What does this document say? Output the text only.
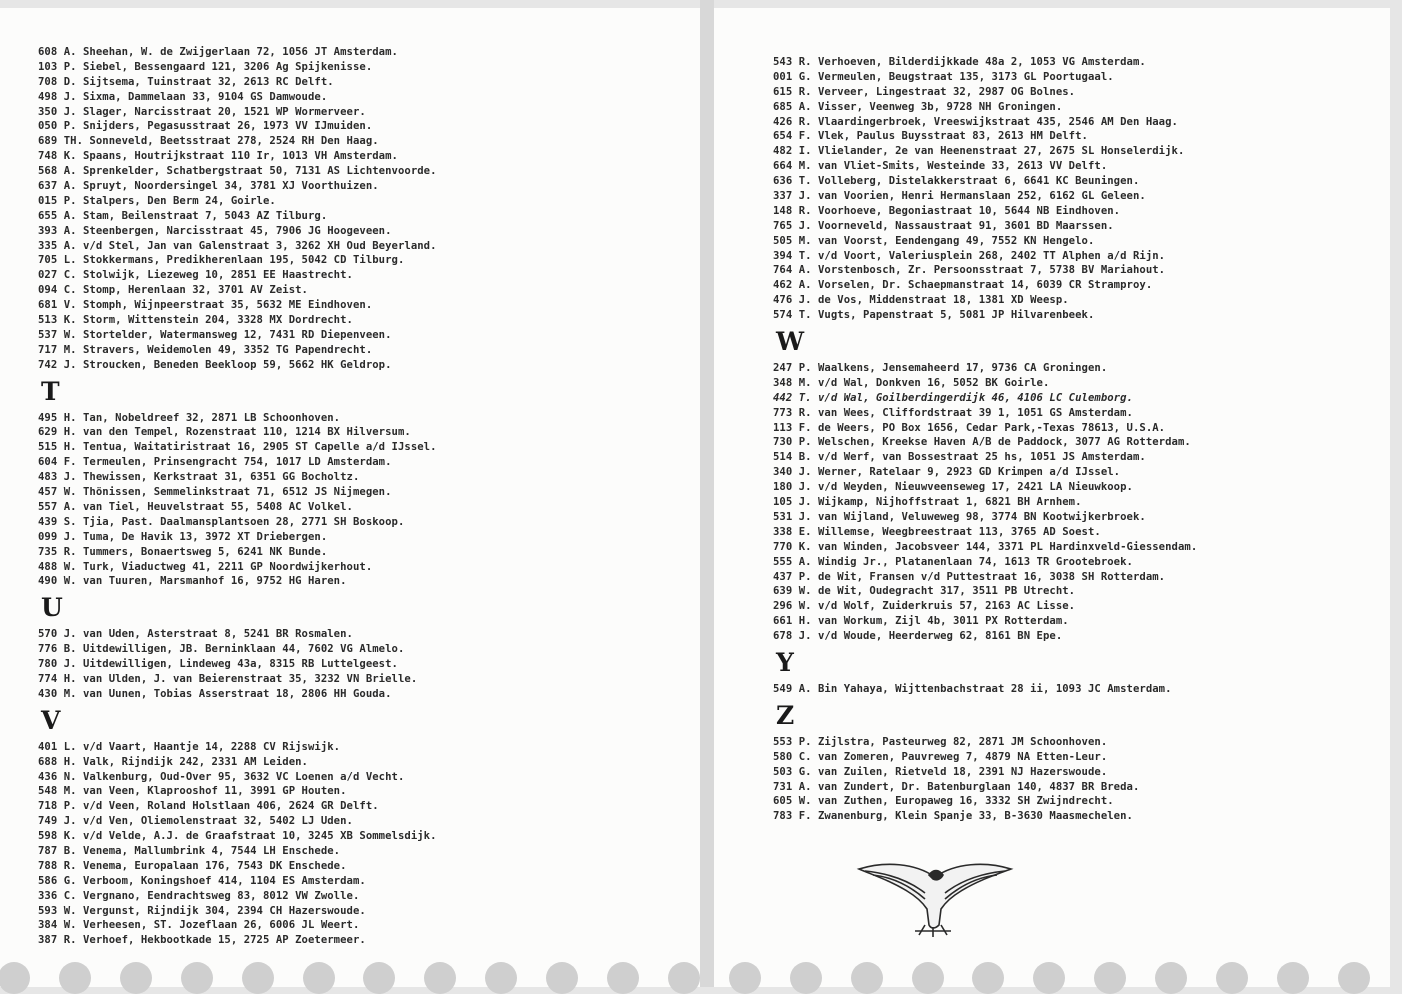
608 A. Sheehan, W. de Zwijgerlaan 72, 1056 JT Amsterdam.
103 P. Siebel, Bessengaard 121, 3206 Ag Spijkenisse.
708 D. Sijtsema, Tuinstraat 32, 2613 RC Delft.
498 J. Sixma, Dammelaan 33, 9104 GS Damwoude.
350 J. Slager, Narcisstraat 20, 1521 WP Wormerveer.
050 P. Snijders, Pegasusstraat 26, 1973 VV IJmuiden.
689 TH. Sonneveld, Beetsstraat 278, 2524 RH Den Haag.
748 K. Spaans, Houtrijkstraat 110 Ir, 1013 VH Amsterdam.
568 A. Sprenkelder, Schatbergstraat 50, 7131 AS Lichtenvoorde.
637 A. Spruyt, Noordersingel 34, 3781 XJ Voorthuizen.
015 P. Stalpers, Den Berm 24, Goirle.
655 A. Stam, Beilenstraat 7, 5043 AZ Tilburg.
393 A. Steenbergen, Narcisstraat 45, 7906 JG Hoogeveen.
335 A. v/d Stel, Jan van Galenstraat 3, 3262 XH Oud Beyerland.
705 L. Stokkermans, Predikherenlaan 195, 5042 CD Tilburg.
027 C. Stolwijk, Liezeweg 10, 2851 EE Haastrecht.
094 C. Stomp, Herenlaan 32, 3701 AV Zeist.
681 V. Stomph, Wijnpeerstraat 35, 5632 ME Eindhoven.
513 K. Storm, Wittenstein 204, 3328 MX Dordrecht.
537 W. Stortelder, Watermansweg 12, 7431 RD Diepenveen.
717 M. Stravers, Weidemolen 49, 3352 TG Papendrecht.
742 J. Stroucken, Beneden Beekloop 59, 5662 HK Geldrop.
T
495 H. Tan, Nobeldreef 32, 2871 LB Schoonhoven.
629 H. van den Tempel, Rozenstraat 110, 1214 BX Hilversum.
515 H. Tentua, Waitatiristraat 16, 2905 ST Capelle a/d IJssel.
604 F. Termeulen, Prinsengracht 754, 1017 LD Amsterdam.
483 J. Thewissen, Kerkstraat 31, 6351 GG Bocholtz.
457 W. Thönissen, Semmelinkstraat 71, 6512 JS Nijmegen.
557 A. van Tiel, Heuvelstraat 55, 5408 AC Volkel.
439 S. Tjia, Past. Daalmansplantsoen 28, 2771 SH Boskoop.
099 J. Tuma, De Havik 13, 3972 XT Driebergen.
735 R. Tummers, Bonaertsweg 5, 6241 NK Bunde.
488 W. Turk, Viaductweg 41, 2211 GP Noordwijkerhout.
490 W. van Tuuren, Marsmanhof 16, 9752 HG Haren.
U
570 J. van Uden, Asterstraat 8, 5241 BR Rosmalen.
776 B. Uitdewilligen, JB. Berninklaan 44, 7602 VG Almelo.
780 J. Uitdewilligen, Lindeweg 43a, 8315 RB Luttelgeest.
774 H. van Ulden, J. van Beierenstraat 35, 3232 VN Brielle.
430 M. van Uunen, Tobias Asserstraat 18, 2806 HH Gouda.
V
401 L. v/d Vaart, Haantje 14, 2288 CV Rijswijk.
688 H. Valk, Rijndijk 242, 2331 AM Leiden.
436 N. Valkenburg, Oud-Over 95, 3632 VC Loenen a/d Vecht.
548 M. van Veen, Klaprooshof 11, 3991 GP Houten.
718 P. v/d Veen, Roland Holstlaan 406, 2624 GR Delft.
749 J. v/d Ven, Oliemolenstraat 32, 5402 LJ Uden.
598 K. v/d Velde, A.J. de Graafstraat 10, 3245 XB Sommelsdijk.
787 B. Venema, Mallumbrink 4, 7544 LH Enschede.
788 R. Venema, Europalaan 176, 7543 DK Enschede.
586 G. Verboom, Koningshoef 414, 1104 ES Amsterdam.
336 C. Vergnano, Eendrachtsweg 83, 8012 VW Zwolle.
593 W. Vergunst, Rijndijk 304, 2394 CH Hazerswoude.
384 W. Verheesen, ST. Jozeflaan 26, 6006 JL Weert.
387 R. Verhoef, Hekbootkade 15, 2725 AP Zoetermeer.
543 R. Verhoeven, Bilderdijkkade 48a 2, 1053 VG Amsterdam.
001 G. Vermeulen, Beugstraat 135, 3173 GL Poortugaal.
615 R. Verveer, Lingestraat 32, 2987 OG Bolnes.
685 A. Visser, Veenweg 3b, 9728 NH Groningen.
426 R. Vlaardingerbroek, Vreeswijkstraat 435, 2546 AM Den Haag.
654 F. Vlek, Paulus Buysstraat 83, 2613 HM Delft.
482 I. Vlielander, 2e van Heenenstraat 27, 2675 SL Honselerdijk.
664 M. van Vliet-Smits, Westeinde 33, 2613 VV Delft.
636 T. Volleberg, Distelakkerstraat 6, 6641 KC Beuningen.
337 J. van Voorien, Henri Hermanslaan 252, 6162 GL Geleen.
148 R. Voorhoeve, Begoniastraat 10, 5644 NB Eindhoven.
765 J. Voorneveld, Nassaustraat 91, 3601 BD Maarssen.
505 M. van Voorst, Eendengang 49, 7552 KN Hengelo.
394 T. v/d Voort, Valeriusplein 268, 2402 TT Alphen a/d Rijn.
764 A. Vorstenbosch, Zr. Persoonsstraat 7, 5738 BV Mariahout.
462 A. Vorselen, Dr. Schaepmanstraat 14, 6039 CR Stramproy.
476 J. de Vos, Middenstraat 18, 1381 XD Weesp.
574 T. Vugts, Papenstraat 5, 5081 JP Hilvarenbeek.
W
247 P. Waalkens, Jensemaheerd 17, 9736 CA Groningen.
348 M. v/d Wal, Donkven 16, 5052 BK Goirle.
442 T. v/d Wal, Goilberdingerdijk 46, 4106 LC Culemborg.
773 R. van Wees, Cliffordstraat 39 1, 1051 GS Amsterdam.
113 F. de Weers, PO Box 1656, Cedar Park,-Texas 78613, U.S.A.
730 P. Welschen, Kreekse Haven A/B de Paddock, 3077 AG Rotterdam.
514 B. v/d Werf, van Bossestraat 25 hs, 1051 JS Amsterdam.
340 J. Werner, Ratelaar 9, 2923 GD Krimpen a/d IJssel.
180 J. v/d Weyden, Nieuwveenseweg 17, 2421 LA Nieuwkoop.
105 J. Wijkamp, Nijhoffstraat 1, 6821 BH Arnhem.
531 J. van Wijland, Veluweweg 98, 3774 BN Kootwijkerbroek.
338 E. Willemse, Weegbreestraat 113, 3765 AD Soest.
770 K. van Winden, Jacobsveer 144, 3371 PL Hardinxveld-Giessendam.
555 A. Windig Jr., Platanenlaan 74, 1613 TR Grootebroek.
437 P. de Wit, Fransen v/d Puttestraat 16, 3038 SH Rotterdam.
639 W. de Wit, Oudegracht 317, 3511 PB Utrecht.
296 W. v/d Wolf, Zuiderkruis 57, 2163 AC Lisse.
661 H. van Workum, Zijl 4b, 3011 PX Rotterdam.
678 J. v/d Woude, Heerderweg 62, 8161 BN Epe.
Y
549 A. Bin Yahaya, Wijttenbachstraat 28 ii, 1093 JC Amsterdam.
Z
553 P. Zijlstra, Pasteurweg 82, 2871 JM Schoonhoven.
580 C. van Zomeren, Pauvreweg 7, 4879 NA Etten-Leur.
503 G. van Zuilen, Rietveld 18, 2391 NJ Hazerswoude.
731 A. van Zundert, Dr. Batenburglaan 140, 4837 BR Breda.
605 W. van Zuthen, Europaweg 16, 3332 SH Zwijndrecht.
783 F. Zwanenburg, Klein Spanje 33, B-3630 Maasmechelen.
